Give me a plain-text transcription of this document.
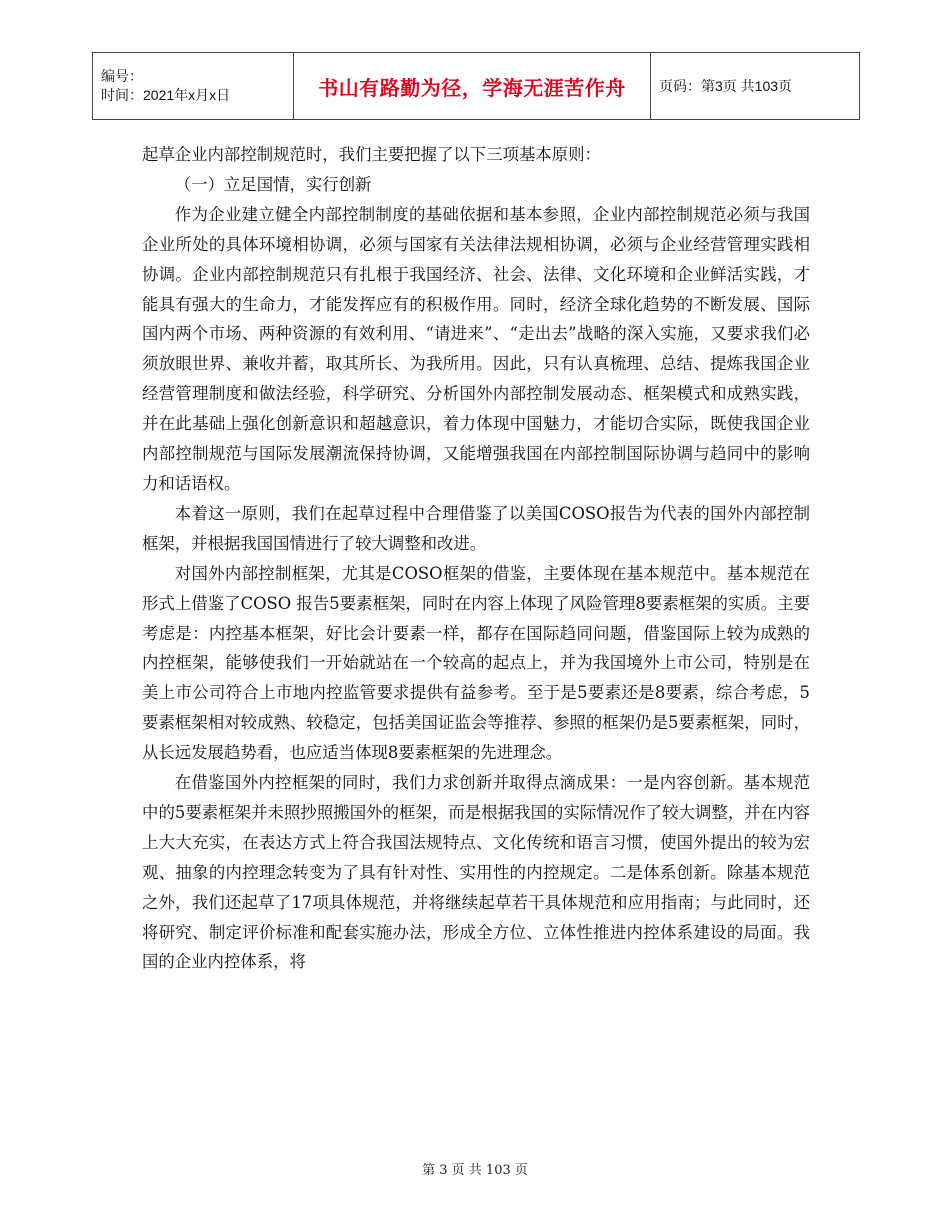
编号：
时间：2021年x月x日	书山有路勤为径，学海无涯苦作舟	页码：第3页 共103页

起草企业内部控制规范时，我们主要把握了以下三项基本原则：

（一）立足国情，实行创新

作为企业建立健全内部控制制度的基础依据和基本参照，企业内部控制规范必须与我国企业所处的具体环境相协调，必须与国家有关法律法规相协调，必须与企业经营管理实践相协调。企业内部控制规范只有扎根于我国经济、社会、法律、文化环境和企业鲜活实践，才能具有强大的生命力，才能发挥应有的积极作用。同时，经济全球化趋势的不断发展、国际国内两个市场、两种资源的有效利用、“请进来”、“走出去”战略的深入实施，又要求我们必须放眼世界、兼收并蓄，取其所长、为我所用。因此，只有认真梳理、总结、提炼我国企业经营管理制度和做法经验，科学研究、分析国外内部控制发展动态、框架模式和成熟实践，并在此基础上强化创新意识和超越意识，着力体现中国魅力，才能切合实际，既使我国企业内部控制规范与国际发展潮流保持协调，又能增强我国在内部控制国际协调与趋同中的影响力和话语权。

本着这一原则，我们在起草过程中合理借鉴了以美国COSO报告为代表的国外内部控制框架，并根据我国国情进行了较大调整和改进。

对国外内部控制框架，尤其是COSO框架的借鉴，主要体现在基本规范中。基本规范在形式上借鉴了COSO 报告5要素框架，同时在内容上体现了风险管理8要素框架的实质。主要考虑是：内控基本框架，好比会计要素一样，都存在国际趋同问题，借鉴国际上较为成熟的内控框架，能够使我们一开始就站在一个较高的起点上，并为我国境外上市公司，特别是在美上市公司符合上市地内控监管要求提供有益参考。至于是5要素还是8要素，综合考虑，5要素框架相对较成熟、较稳定，包括美国证监会等推荐、参照的框架仍是5要素框架，同时，从长远发展趋势看，也应适当体现8要素框架的先进理念。

在借鉴国外内控框架的同时，我们力求创新并取得点滴成果：一是内容创新。基本规范中的5要素框架并未照抄照搬国外的框架，而是根据我国的实际情况作了较大调整，并在内容上大大充实，在表达方式上符合我国法规特点、文化传统和语言习惯，使国外提出的较为宏观、抽象的内控理念转变为了具有针对性、实用性的内控规定。二是体系创新。除基本规范之外，我们还起草了17项具体规范，并将继续起草若干具体规范和应用指南；与此同时，还将研究、制定评价标准和配套实施办法，形成全方位、立体性推进内控体系建设的局面。我国的企业内控体系，将

第 3 页 共 103 页
